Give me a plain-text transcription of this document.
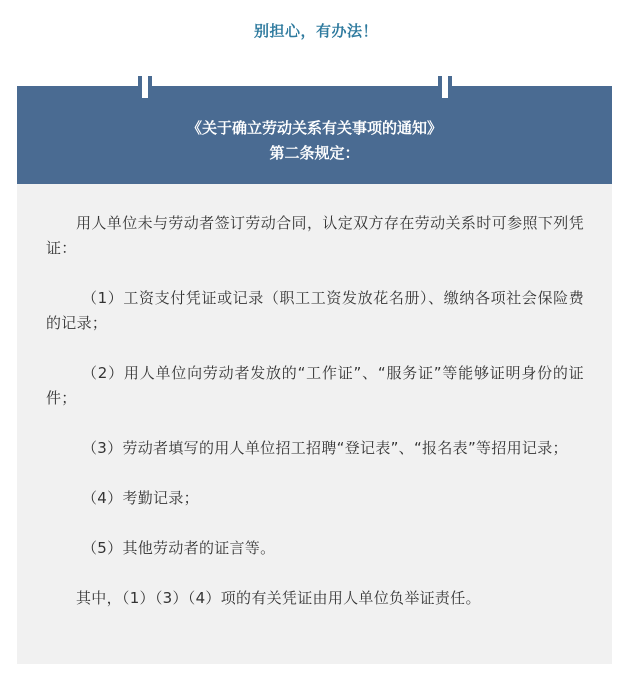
别担心，有办法！
《关于确立劳动关系有关事项的通知》
第二条规定：

用人单位未与劳动者签订劳动合同，认定双方存在劳动关系时可参照下列凭证：

（1）工资支付凭证或记录（职工工资发放花名册）、缴纳各项社会保险费的记录；

（2）用人单位向劳动者发放的“工作证”、“服务证”等能够证明身份的证件；

（3）劳动者填写的用人单位招工招聘“登记表”、“报名表”等招用记录；

（4）考勤记录；

（5）其他劳动者的证言等。

其中，（1）（3）（4）项的有关凭证由用人单位负举证责任。
